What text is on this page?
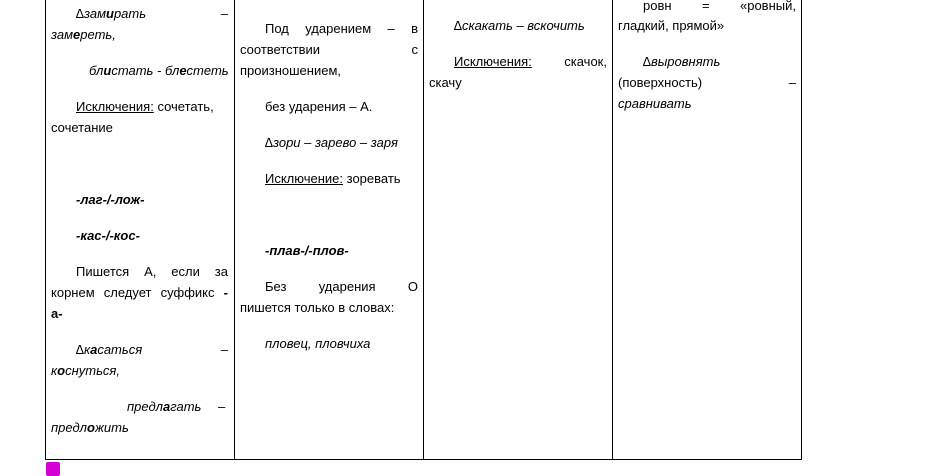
∆замирать	–
замереть,
блистать - блестеть
Исключения: сочетать,
сочетание
-лаг-/-лож-
-кас-/-кос-
Пишется А, если за
корнем следует суффикс -
а-
∆касаться	–
коснуться,
предлагать –
предложить
Под ударением – в
соответствии	с
произношением,
без ударения – А.
∆зори – зарево – заря
Исключение: зоревать
-плав-/-плов-
Без ударения О
пишется только в словах:
пловец, пловчиха
∆скакать – вскочить
Исключения: скачок,
скачу
ровн = «ровный,
гладкий, прямой»
∆выровнять
(поверхность)	–
сравнивать
